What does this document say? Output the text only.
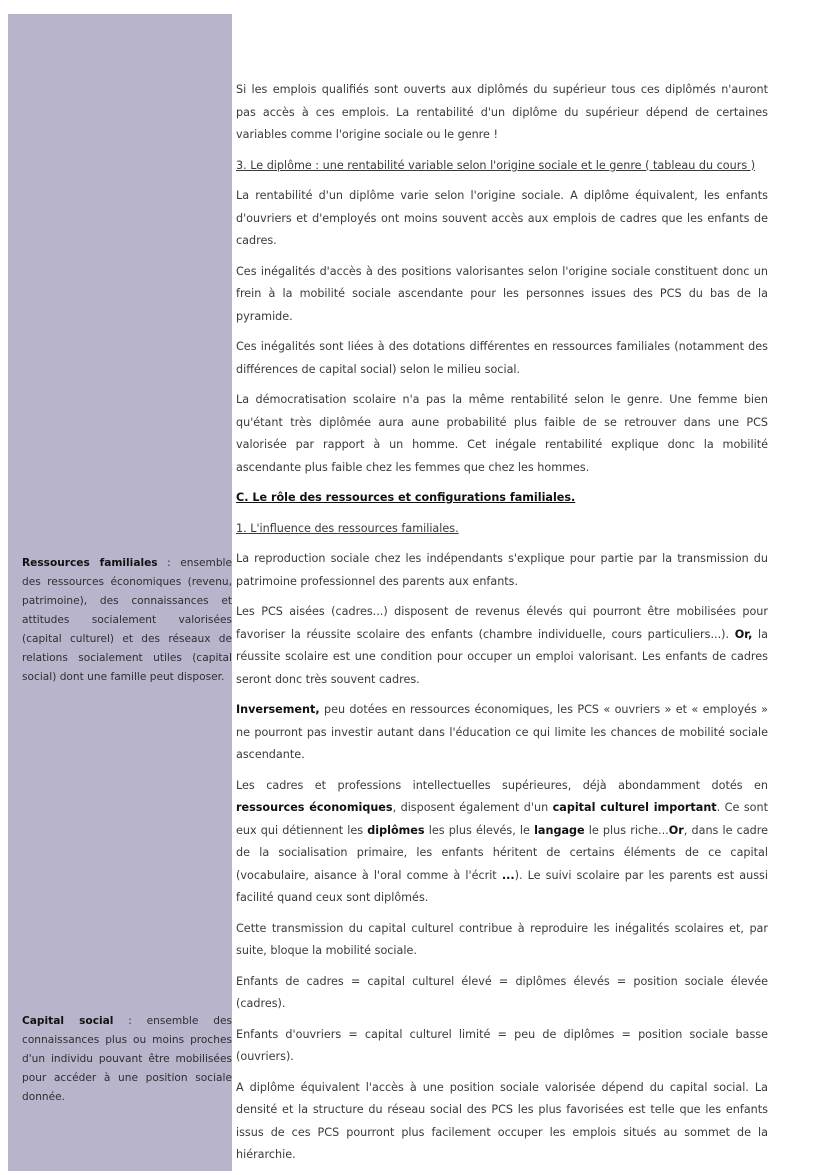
Ressources familiales : ensemble des ressources économiques (revenu, patrimoine), des connaissances et attitudes socialement valorisées (capital culturel) et des réseaux de relations socialement utiles (capital social) dont une famille peut disposer.
Capital social : ensemble des connaissances plus ou moins proches d'un individu pouvant être mobilisées pour accéder à une position sociale donnée.

Si les emplois qualifiés sont ouverts aux diplômés du supérieur tous ces diplômés n'auront pas accès à ces emplois. La rentabilité d'un diplôme du supérieur dépend de certaines variables comme l'origine sociale ou le genre !

3. Le diplôme : une rentabilité variable selon l'origine sociale et le genre ( tableau du cours )

La rentabilité d'un diplôme varie selon l'origine sociale. A diplôme équivalent, les enfants d'ouvriers et d'employés ont moins souvent accès aux emplois de cadres que les enfants de cadres.

Ces inégalités d'accès à des positions valorisantes selon l'origine sociale constituent donc un frein à la mobilité sociale ascendante pour les personnes issues des PCS du bas de la pyramide.

Ces inégalités sont liées à des dotations différentes en ressources familiales (notamment des différences de capital social) selon le milieu social.

La démocratisation scolaire n'a pas la même rentabilité selon le genre. Une femme bien qu'étant très diplômée aura aune probabilité plus faible de se retrouver dans une PCS valorisée par rapport à un homme. Cet inégale rentabilité explique donc la mobilité ascendante plus faible chez les femmes que chez les hommes.

C. Le rôle des ressources et configurations familiales.

1. L'influence des ressources familiales.

La reproduction sociale chez les indépendants s'explique pour partie par la transmission du patrimoine professionnel des parents aux enfants.

Les PCS aisées (cadres...) disposent de revenus élevés qui pourront être mobilisées pour favoriser la réussite scolaire des enfants (chambre individuelle, cours particuliers...). Or, la réussite scolaire est une condition pour occuper un emploi valorisant. Les enfants de cadres seront donc très souvent cadres.

Inversement, peu dotées en ressources économiques, les PCS « ouvriers » et « employés » ne pourront pas investir autant dans l'éducation ce qui limite les chances de mobilité sociale ascendante.

Les cadres et professions intellectuelles supérieures, déjà abondamment dotés en ressources économiques, disposent également d'un capital culturel important. Ce sont eux qui détiennent les diplômes les plus élevés, le langage le plus riche...Or, dans le cadre de la socialisation primaire, les enfants héritent de certains éléments de ce capital (vocabulaire, aisance à l'oral comme à l'écrit ...). Le suivi scolaire par les parents est aussi facilité quand ceux sont diplômés.

Cette transmission du capital culturel contribue à reproduire les inégalités scolaires et, par suite, bloque la mobilité sociale.

Enfants de cadres = capital culturel élevé = diplômes élevés = position sociale élevée (cadres).

Enfants d'ouvriers = capital culturel limité = peu de diplômes = position sociale basse (ouvriers).

A diplôme équivalent l'accès à une position sociale valorisée dépend du capital social. La densité et la structure du réseau social des PCS les plus favorisées est telle que les enfants issus de ces PCS pourront plus facilement occuper les emplois situés au sommet de la hiérarchie.
